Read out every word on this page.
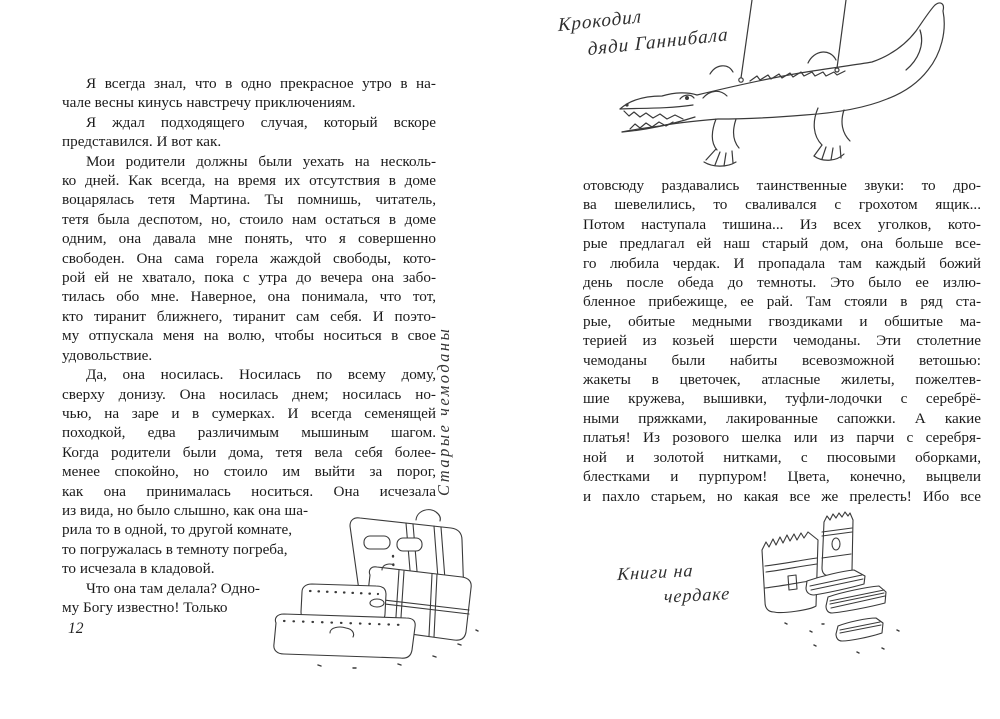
Я всегда знал, что в одно прекрасное утро в на-
чале весны кинусь навстречу приключениям.
Я ждал подходящего случая, который вскоре
представился. И вот как.
Мои родители должны были уехать на несколь-
ко дней. Как всегда, на время их отсутствия в доме
воцарялась тетя Мартина. Ты помнишь, читатель,
тетя была деспотом, но, стоило нам остаться в доме
одним, она давала мне понять, что я совершенно
свободен. Она сама горела жаждой свободы, кото-
рой ей не хватало, пока с утра до вечера она забо-
тилась обо мне. Наверное, она понимала, что тот,
кто тиранит ближнего, тиранит сам себя. И поэто-
му отпускала меня на волю, чтобы носиться в свое
удовольствие.
Да, она носилась. Носилась по всему дому,
сверху донизу. Она носилась днем; носилась но-
чью, на заре и в сумерках. И всегда семенящей
походкой, едва различимым мышиным шагом.
Когда родители были дома, тетя вела себя более-
менее спокойно, но стоило им выйти за порог,
как она принималась носиться. Она исчезала
из вида, но было слышно, как она ша-
рила то в одной, то другой комнате,
то погружалась в темноту погреба,
то исчезала в кладовой.
Что она там делала? Одно-
му Богу известно! Только
отовсюду раздавались таинственные звуки: то дро-
ва шевелились, то сваливался с грохотом ящик...
Потом наступала тишина... Из всех уголков, кото-
рые предлагал ей наш старый дом, она больше все-
го любила чердак. И пропадала там каждый божий
день после обеда до темноты. Это было ее излю-
бленное прибежище, ее рай. Там стояли в ряд ста-
рые, обитые медными гвоздиками и обшитые ма-
терией из козьей шерсти чемоданы. Эти столетние
чемоданы были набиты всевозможной ветошью:
жакеты в цветочек, атласные жилеты, пожелтев-
шие кружева, вышивки, туфли-лодочки с серебрё-
ными пряжками, лакированные сапожки. А какие
платья! Из розового шелка или из парчи с серебря-
ной и золотой нитками, с пюсовыми оборками,
блестками и пурпуром! Цвета, конечно, выцвели
и пахло старьем, но какая все же прелесть! Ибо все
12
Крокодил
дяди Ганнибала
Книги на
чердаке
Старые чемоданы
